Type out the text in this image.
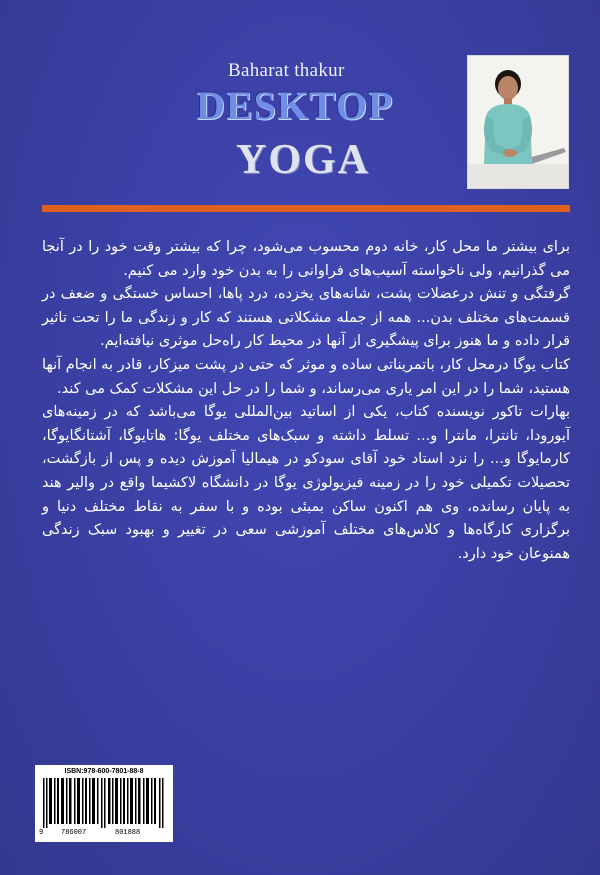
Baharat thakur
DESKTOP
YOGA

برای بیشتر ما محل کار، خانه دوم محسوب می‌شود، چرا که بیشتر وقت خود را در آنجا می گذرانیم، ولی ناخواسته آسیب‌های فراوانی را به بدن خود وارد می کنیم.

گرفتگی و تنش درعضلات پشت، شانه‌های یخزده، درد پاها، احساس خستگی و ضعف در قسمت‌های مختلف بدن... همه از جمله مشکلاتی هستند که کار و زندگی ما را تحت تاثیر قرار داده و ما هنوز برای پیشگیری از آنها در محیط کار راه‌حل موثری نیافته‌ایم.

کتاب یوگا درمحل کار، باتمریناتی ساده و موثر که حتی در پشت میزکار، قادر به انجام آنها هستید، شما را در این امر یاری می‌رساند، و شما را در حل این مشکلات کمک می کند.

بهارات تاکور نویسنده کتاب، یکی از اساتید بین‌المللی یوگا می‌باشد که در زمینه‌های آیورودا، تانترا، مانترا و... تسلط داشته و سبک‌های مختلف یوگا: هاتایوگا، آشتانگایوگا، کارمایوگا و... را نزد استاد خود آقای سودکو در هیمالیا آموزش دیده و پس از بازگشت، تحصیلات تکمیلی خود را در زمینه فیزیولوژی یوگا در دانشگاه لاکشیما واقع در والیر هند به پایان رسانده، وی هم اکنون ساکن بمبئی بوده و با سفر به نقاط مختلف دنیا و برگزاری کارگاه‌ها و کلاس‌های مختلف آموزشی سعی در تغییر و بهبود سبک زندگی همنوعان خود دارد.

ISBN:978-600-7801-88-8
9	786007	801888
